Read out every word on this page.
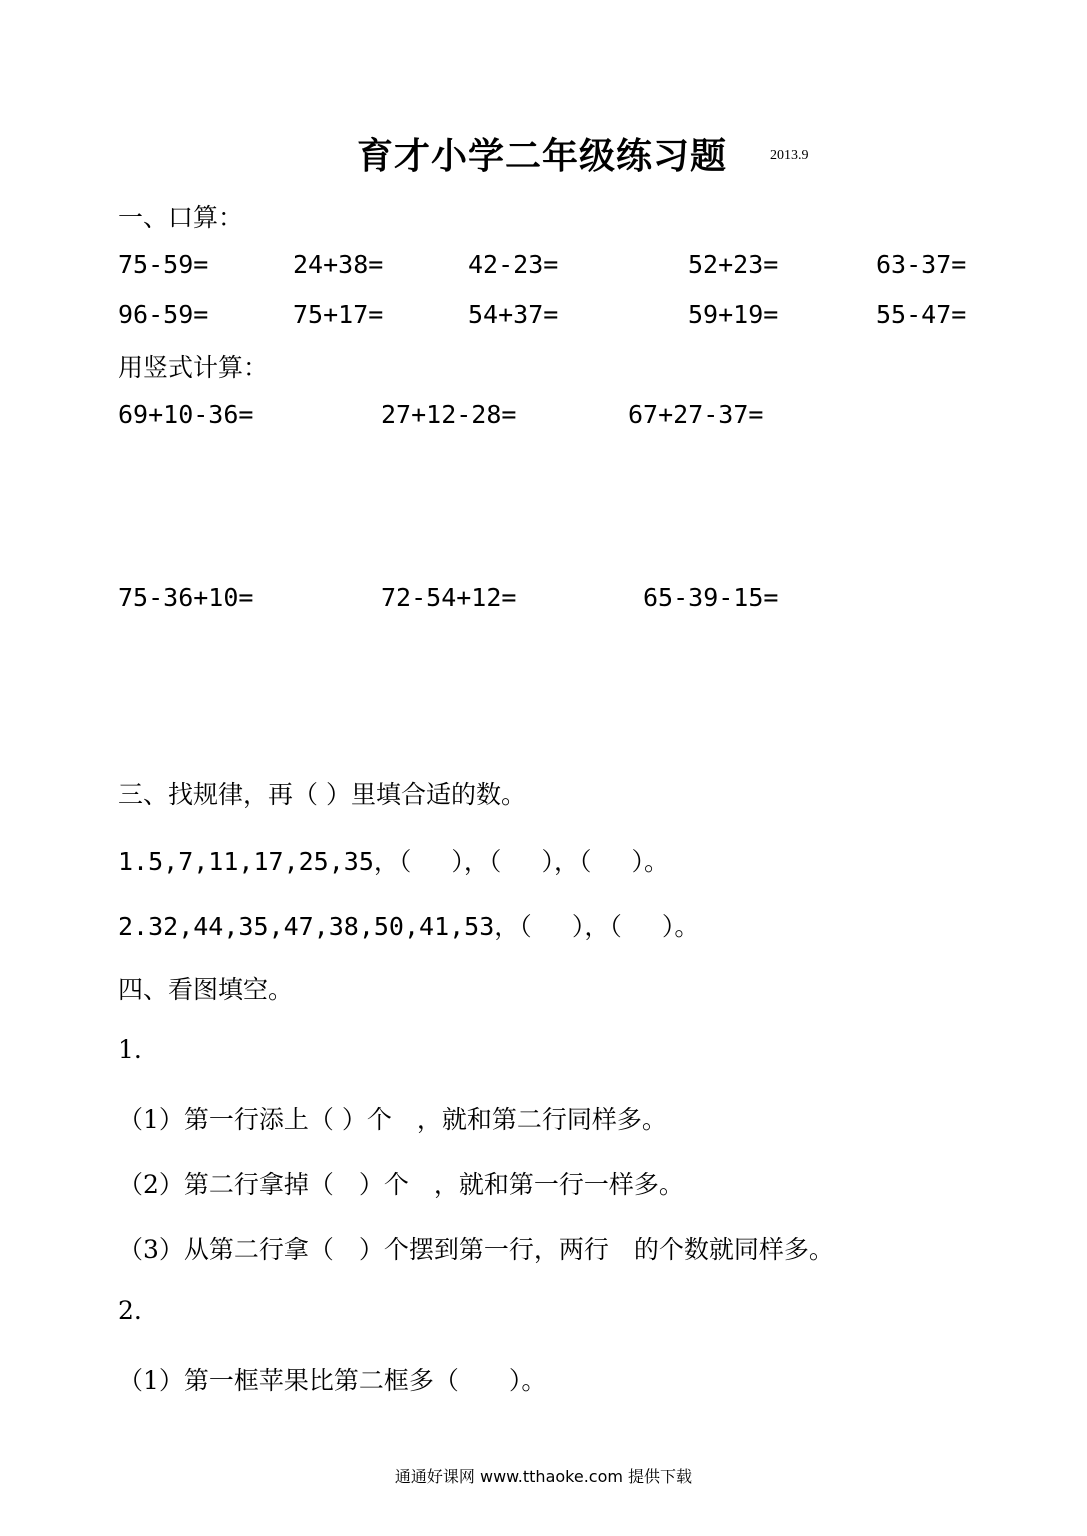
育才小学二年级练习题	2013.9
一、口算：
75-59=	24+38=	42-23=	52+23=	63-37=
96-59=	75+17=	54+37=	59+19=	55-47=
用竖式计算：
69+10-36=	27+12-28=	67+27-37=
75-36+10=	72-54+12=	65-39-15=
三、找规律，再（ ）里填合适的数。
1.5,7,11,17,25,35，（　 ），（　 ），（　 ）。
2.32,44,35,47,38,50,41,53，（　 ），（　 ）。
四、看图填空。
1.
（1）第一行添上（ ）个　，就和第二行同样多。
（2）第二行拿掉（　）个　，就和第一行一样多。
（3）从第二行拿（　）个摆到第一行，两行　的个数就同样多。
2.
（1）第一框苹果比第二框多（　　）。
通通好课网 www.tthaoke.com 提供下载
